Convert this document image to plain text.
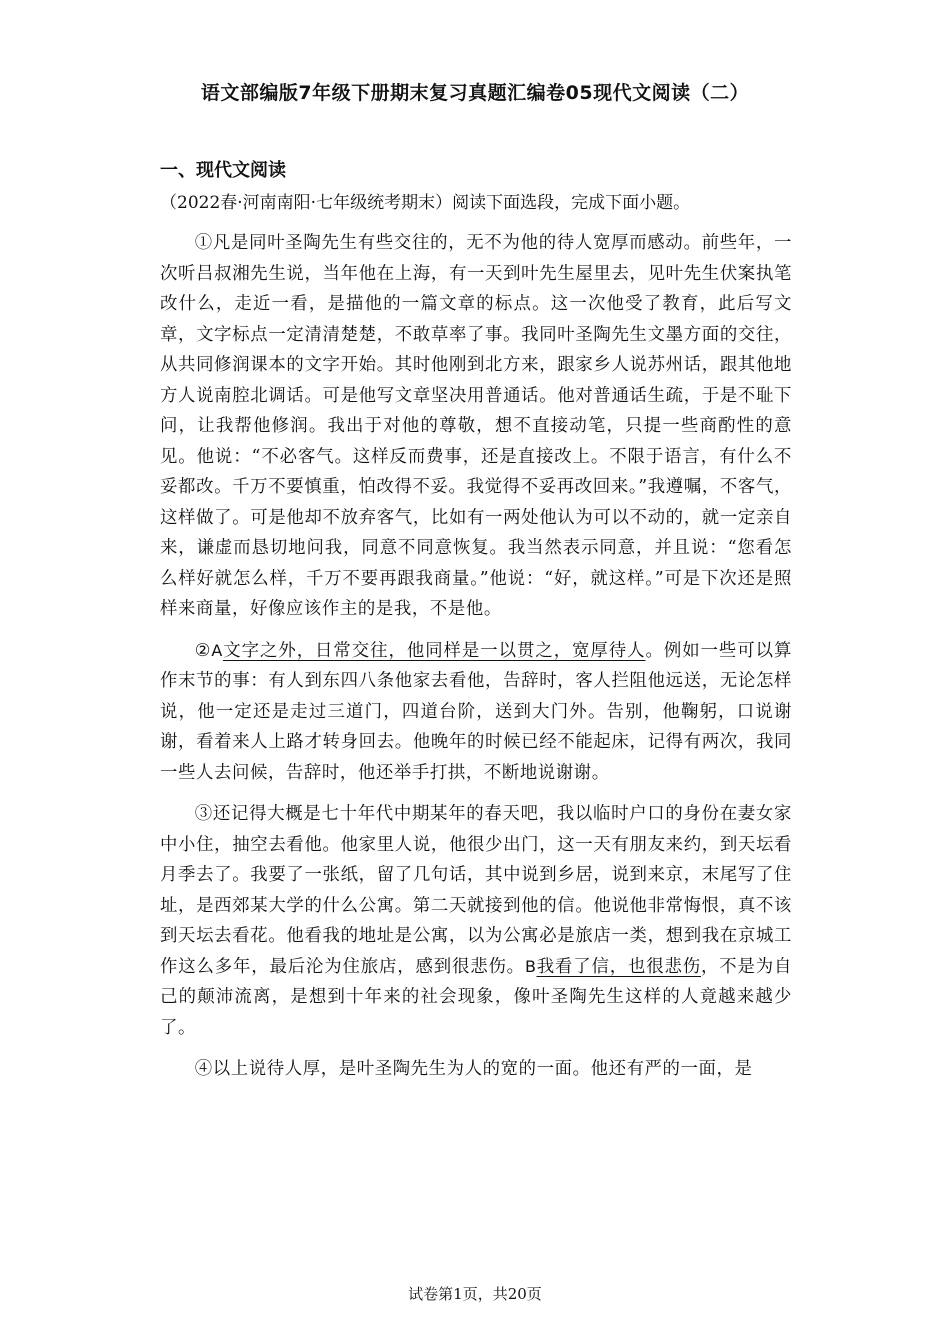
语文部编版7年级下册期末复习真题汇编卷05现代文阅读（二）
一、现代文阅读
（2022春·河南南阳·七年级统考期末）阅读下面选段，完成下面小题。

①凡是同叶圣陶先生有些交往的，无不为他的待人宽厚而感动。前些年，一次听吕叔湘先生说，当年他在上海，有一天到叶先生屋里去，见叶先生伏案执笔改什么，走近一看，是描他的一篇文章的标点。这一次他受了教育，此后写文章，文字标点一定清清楚楚，不敢草率了事。我同叶圣陶先生文墨方面的交往，从共同修润课本的文字开始。其时他刚到北方来，跟家乡人说苏州话，跟其他地方人说南腔北调话。可是他写文章坚决用普通话。他对普通话生疏，于是不耻下问，让我帮他修润。我出于对他的尊敬，想不直接动笔，只提一些商酌性的意见。他说：“不必客气。这样反而费事，还是直接改上。不限于语言，有什么不妥都改。千万不要慎重，怕改得不妥。我觉得不妥再改回来。”我遵嘱，不客气，这样做了。可是他却不放弃客气，比如有一两处他认为可以不动的，就一定亲自来，谦虚而恳切地问我，同意不同意恢复。我当然表示同意，并且说：“您看怎么样好就怎么样，千万不要再跟我商量。”他说：“好，就这样。”可是下次还是照样来商量，好像应该作主的是我，不是他。

②A文字之外，日常交往，他同样是一以贯之，宽厚待人。例如一些可以算作末节的事：有人到东四八条他家去看他，告辞时，客人拦阻他远送，无论怎样说，他一定还是走过三道门，四道台阶，送到大门外。告别，他鞠躬，口说谢谢，看着来人上路才转身回去。他晚年的时候已经不能起床，记得有两次，我同一些人去问候，告辞时，他还举手打拱，不断地说谢谢。

③还记得大概是七十年代中期某年的春天吧，我以临时户口的身份在妻女家中小住，抽空去看他。他家里人说，他很少出门，这一天有朋友来约，到天坛看月季去了。我要了一张纸，留了几句话，其中说到乡居，说到来京，末尾写了住址，是西郊某大学的什么公寓。第二天就接到他的信。他说他非常悔恨，真不该到天坛去看花。他看我的地址是公寓，以为公寓必是旅店一类，想到我在京城工作这么多年，最后沦为住旅店，感到很悲伤。B我看了信，也很悲伤，不是为自己的颠沛流离，是想到十年来的社会现象，像叶圣陶先生这样的人竟越来越少了。

④以上说待人厚，是叶圣陶先生为人的宽的一面。他还有严的一面，是

试卷第1页，共20页
